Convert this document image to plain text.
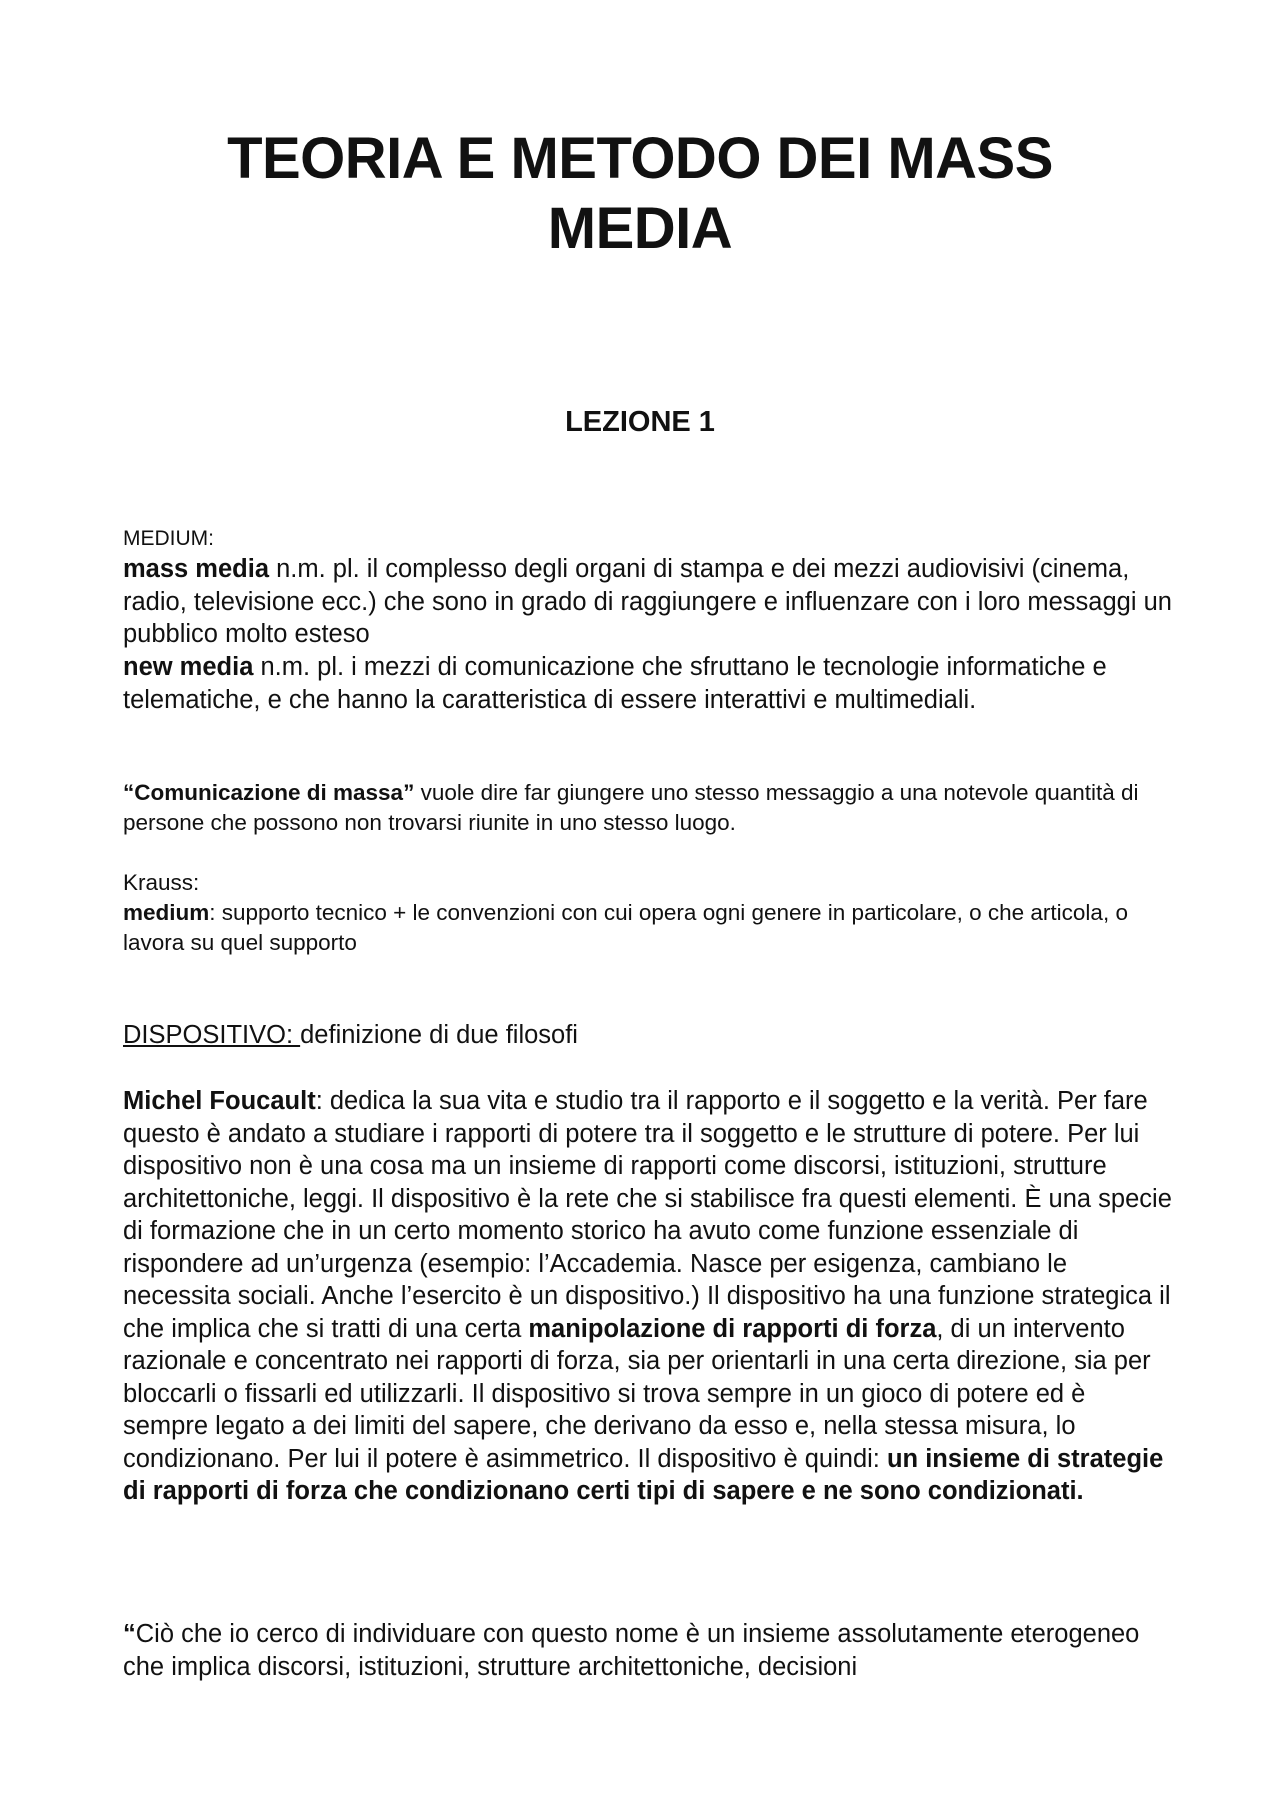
TEORIA E METODO DEI MASS
MEDIA
LEZIONE 1
MEDIUM:
mass media n.m. pl. il complesso degli organi di stampa e dei mezzi audiovisivi (cinema, radio, televisione ecc.) che sono in grado di raggiungere e influenzare con i loro messaggi un pubblico molto esteso
new media n.m. pl. i mezzi di comunicazione che sfruttano le tecnologie informatiche e telematiche, e che hanno la caratteristica di essere interattivi e multimediali.
“Comunicazione di massa” vuole dire far giungere uno stesso messaggio a una notevole quantità di persone che possono non trovarsi riunite in uno stesso luogo.
Krauss:
medium: supporto tecnico + le convenzioni con cui opera ogni genere in particolare, o che articola, o lavora su quel supporto
DISPOSITIVO: definizione di due filosofi
Michel Foucault: dedica la sua vita e studio tra il rapporto e il soggetto e la verità. Per fare questo è andato a studiare i rapporti di potere tra il soggetto e le strutture di potere. Per lui dispositivo non è una cosa ma un insieme di rapporti come discorsi, istituzioni, strutture architettoniche, leggi. Il dispositivo è la rete che si stabilisce fra questi elementi. È una specie di formazione che in un certo momento storico ha avuto come funzione essenziale di rispondere ad un’urgenza (esempio: l’Accademia. Nasce per esigenza, cambiano le necessita sociali. Anche l’esercito è un dispositivo.) Il dispositivo ha una funzione strategica il che implica che si tratti di una certa manipolazione di rapporti di forza, di un intervento razionale e concentrato nei rapporti di forza, sia per orientarli in una certa direzione, sia per bloccarli o fissarli ed utilizzarli. Il dispositivo si trova sempre in un gioco di potere ed è sempre legato a dei limiti del sapere, che derivano da esso e, nella stessa misura, lo condizionano. Per lui il potere è asimmetrico. Il dispositivo è quindi: un insieme di strategie di rapporti di forza che condizionano certi tipi di sapere e ne sono condizionati.
“Ciò che io cerco di individuare con questo nome è un insieme assolutamente eterogeneo che implica discorsi, istituzioni, strutture architettoniche, decisioni
